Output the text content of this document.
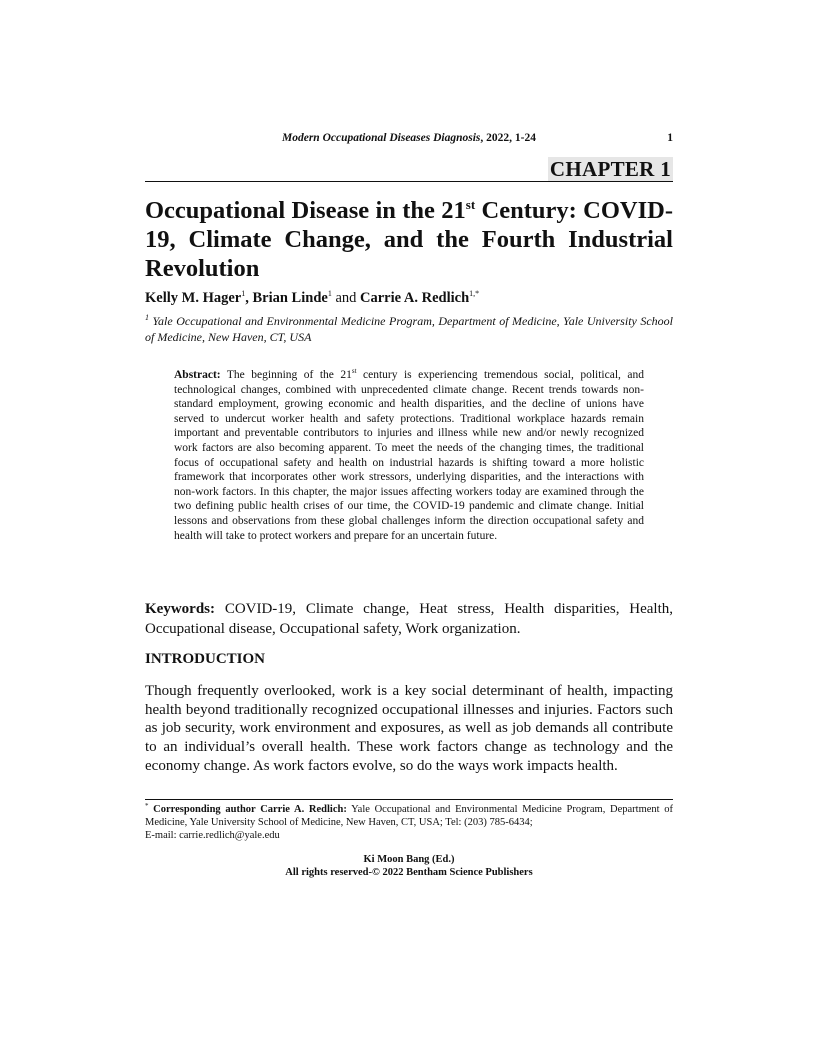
Modern Occupational Diseases Diagnosis, 2022, 1-24	1
CHAPTER 1
Occupational Disease in the 21st Century: COVID-19, Climate Change, and the Fourth Industrial Revolution
Kelly M. Hager$^1$, Brian Linde$^1$ and Carrie A. Redlich$^{1,*}$
$^1$ Yale Occupational and Environmental Medicine Program, Department of Medicine, Yale University School of Medicine, New Haven, CT, USA
Abstract: The beginning of the 21st century is experiencing tremendous social, political, and technological changes, combined with unprecedented climate change. Recent trends towards non-standard employment, growing economic and health disparities, and the decline of unions have served to undercut worker health and safety protections. Traditional workplace hazards remain important and preventable contributors to injuries and illness while new and/or newly recognized work factors are also becoming apparent. To meet the needs of the changing times, the traditional focus of occupational safety and health on industrial hazards is shifting toward a more holistic framework that incorporates other work stressors, underlying disparities, and the interactions with non-work factors. In this chapter, the major issues affecting workers today are examined through the two defining public health crises of our time, the COVID-19 pandemic and climate change. Initial lessons and observations from these global challenges inform the direction occupational safety and health will take to protect workers and prepare for an uncertain future.
Keywords: COVID-19, Climate change, Heat stress, Health disparities, Health, Occupational disease, Occupational safety, Work organization.
INTRODUCTION

Though frequently overlooked, work is a key social determinant of health, impacting health beyond traditionally recognized occupational illnesses and injuries. Factors such as job security, work environment and exposures, as well as job demands all contribute to an individual’s overall health. These work factors change as technology and the economy change. As work factors evolve, so do the ways work impacts health.

* Corresponding author Carrie A. Redlich: Yale Occupational and Environmental Medicine Program, Department of Medicine, Yale University School of Medicine, New Haven, CT, USA; Tel: (203) 785-6434;
E-mail: carrie.redlich@yale.edu
Ki Moon Bang (Ed.)
All rights reserved-© 2022 Bentham Science Publishers
